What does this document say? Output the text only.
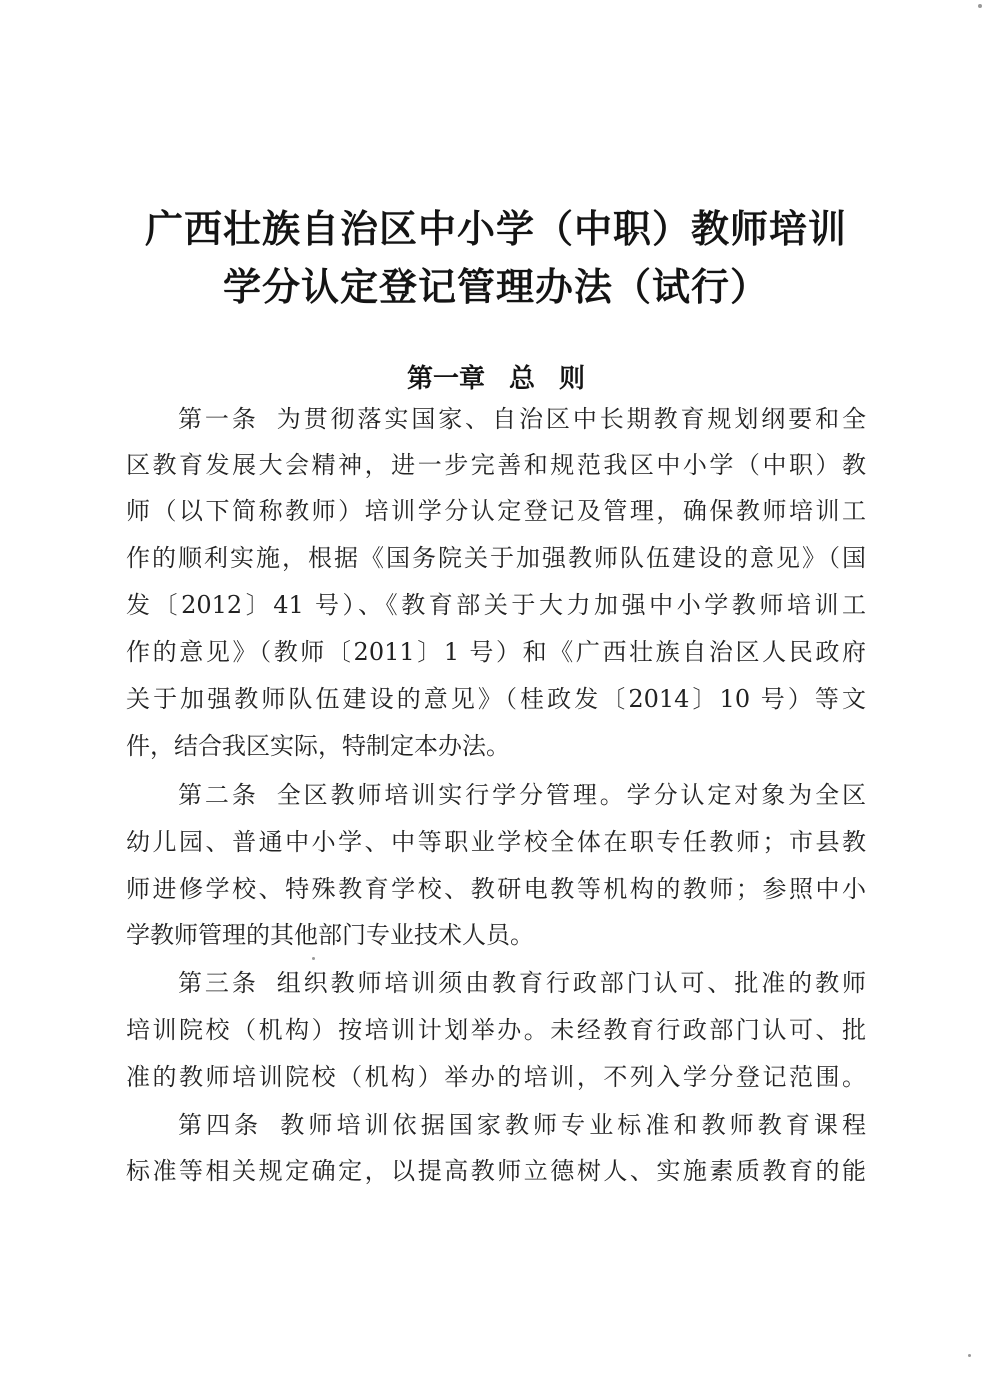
广西壮族自治区中小学（中职）教师培训
学分认定登记管理办法（试行）
第一章 总 则
第一条 为贯彻落实国家、自治区中长期教育规划纲要和全
区教育发展大会精神，进一步完善和规范我区中小学（中职）教
师（以下简称教师）培训学分认定登记及管理，确保教师培训工
作的顺利实施，根据《国务院关于加强教师队伍建设的意见》（国
发〔2012〕41 号）、《教育部关于大力加强中小学教师培训工
作的意见》（教师〔2011〕1 号）和《广西壮族自治区人民政府
关于加强教师队伍建设的意见》（桂政发〔2014〕10 号）等文
件，结合我区实际，特制定本办法。
第二条 全区教师培训实行学分管理。学分认定对象为全区
幼儿园、普通中小学、中等职业学校全体在职专任教师；市县教
师进修学校、特殊教育学校、教研电教等机构的教师；参照中小
学教师管理的其他部门专业技术人员。
第三条 组织教师培训须由教育行政部门认可、批准的教师
培训院校（机构）按培训计划举办。未经教育行政部门认可、批
准的教师培训院校（机构）举办的培训，不列入学分登记范围。
第四条 教师培训依据国家教师专业标准和教师教育课程
标准等相关规定确定，以提高教师立德树人、实施素质教育的能
